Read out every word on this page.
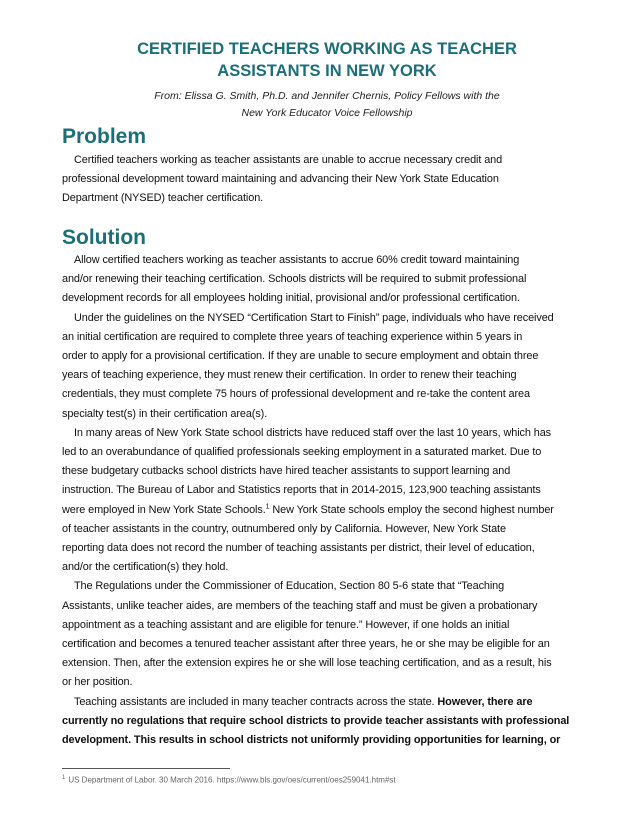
CERTIFIED TEACHERS WORKING AS TEACHER
ASSISTANTS IN NEW YORK
From: Elissa G. Smith, Ph.D. and Jennifer Chernis, Policy Fellows with the
New York Educator Voice Fellowship
Problem
Certified teachers working as teacher assistants are unable to accrue necessary credit and
professional development toward maintaining and advancing their New York State Education
Department (NYSED) teacher certification.
Solution
Allow certified teachers working as teacher assistants to accrue 60% credit toward maintaining
and/or renewing their teaching certification. Schools districts will be required to submit professional
development records for all employees holding initial, provisional and/or professional certification.
Under the guidelines on the NYSED “Certification Start to Finish” page, individuals who have received
an initial certification are required to complete three years of teaching experience within 5 years in
order to apply for a provisional certification. If they are unable to secure employment and obtain three
years of teaching experience, they must renew their certification. In order to renew their teaching
credentials, they must complete 75 hours of professional development and re-take the content area
specialty test(s) in their certification area(s).
In many areas of New York State school districts have reduced staff over the last 10 years, which has
led to an overabundance of qualified professionals seeking employment in a saturated market. Due to
these budgetary cutbacks school districts have hired teacher assistants to support learning and
instruction. The Bureau of Labor and Statistics reports that in 2014-2015, 123,900 teaching assistants
were employed in New York State Schools.$^1$ New York State schools employ the second highest number
of teacher assistants in the country, outnumbered only by California. However, New York State
reporting data does not record the number of teaching assistants per district, their level of education,
and/or the certification(s) they hold.
The Regulations under the Commissioner of Education, Section 80 5-6 state that “Teaching
Assistants, unlike teacher aides, are members of the teaching staff and must be given a probationary
appointment as a teaching assistant and are eligible for tenure.” However, if one holds an initial
certification and becomes a tenured teacher assistant after three years, he or she may be eligible for an
extension. Then, after the extension expires he or she will lose teaching certification, and as a result, his
or her position.
Teaching assistants are included in many teacher contracts across the state. However, there are
currently no regulations that require school districts to provide teacher assistants with professional
development. This results in school districts not uniformly providing opportunities for learning, or
$^1$ US Department of Labor. 30 March 2016. https://www.bls.gov/oes/current/oes259041.htm#st
